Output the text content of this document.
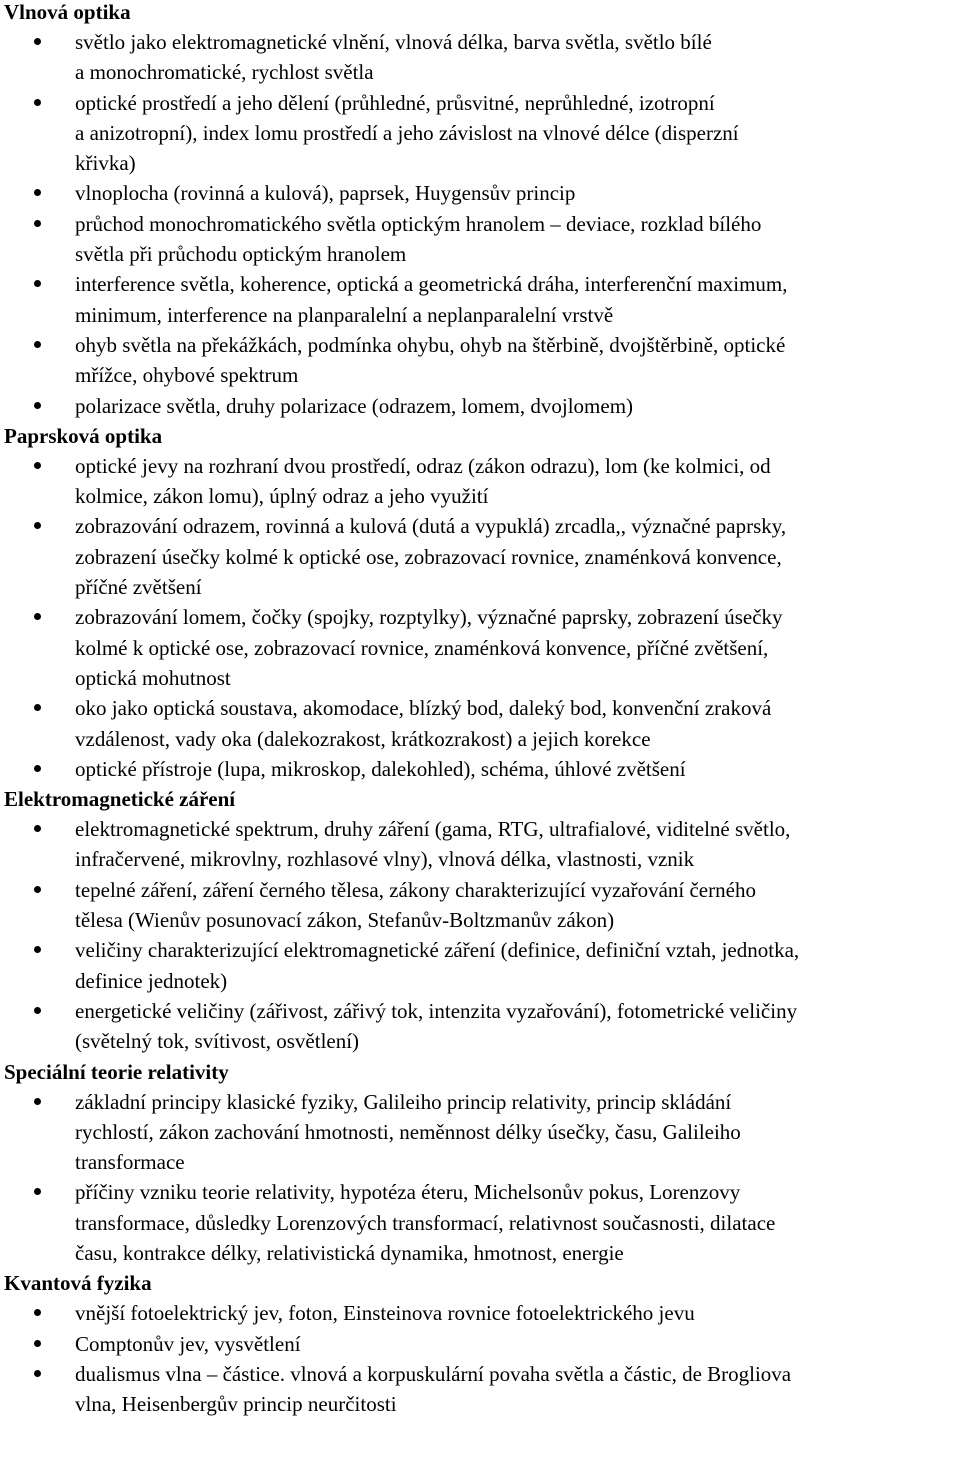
Vlnová optika
světlo jako elektromagnetické vlnění, vlnová délka, barva světla, světlo bílé
a monochromatické, rychlost světla
optické prostředí a jeho dělení (průhledné, průsvitné, neprůhledné, izotropní
a anizotropní), index lomu prostředí a jeho závislost na vlnové délce (disperzní
křivka)
vlnoplocha (rovinná a kulová), paprsek, Huygensův princip
průchod monochromatického světla optickým hranolem – deviace, rozklad bílého
světla při průchodu optickým hranolem
interference světla, koherence, optická a geometrická dráha, interferenční maximum,
minimum, interference na planparalelní a neplanparalelní vrstvě
ohyb světla na překážkách, podmínka ohybu, ohyb na štěrbině, dvojštěrbině, optické
mřížce, ohybové spektrum
polarizace světla, druhy polarizace (odrazem, lomem, dvojlomem)
Paprsková optika
optické jevy na rozhraní dvou prostředí, odraz (zákon odrazu), lom (ke kolmici, od
kolmice, zákon lomu), úplný odraz a jeho využití
zobrazování odrazem, rovinná a kulová (dutá a vypuklá) zrcadla,, význačné paprsky,
zobrazení úsečky kolmé k optické ose, zobrazovací rovnice, znaménková konvence,
příčné zvětšení
zobrazování lomem, čočky (spojky, rozptylky), význačné paprsky, zobrazení úsečky
kolmé k optické ose, zobrazovací rovnice, znaménková konvence, příčné zvětšení,
optická mohutnost
oko jako optická soustava, akomodace, blízký bod, daleký bod, konvenční zraková
vzdálenost, vady oka (dalekozrakost, krátkozrakost) a jejich korekce
optické přístroje (lupa, mikroskop, dalekohled), schéma, úhlové zvětšení
Elektromagnetické záření
elektromagnetické spektrum, druhy záření (gama, RTG, ultrafialové, viditelné světlo,
infračervené, mikrovlny, rozhlasové vlny), vlnová délka, vlastnosti, vznik
tepelné záření, záření černého tělesa, zákony charakterizující vyzařování černého
tělesa (Wienův posunovací zákon, Stefanův-Boltzmanův zákon)
veličiny charakterizující elektromagnetické záření (definice, definiční vztah, jednotka,
definice jednotek)
energetické veličiny (zářivost, zářivý tok, intenzita vyzařování), fotometrické veličiny
(světelný tok, svítivost, osvětlení)
Speciální teorie relativity
základní principy klasické fyziky, Galileiho princip relativity, princip skládání
rychlostí, zákon zachování hmotnosti, neměnnost délky úsečky, času, Galileiho
transformace
příčiny vzniku teorie relativity, hypotéza éteru, Michelsonův pokus, Lorenzovy
transformace, důsledky Lorenzových transformací, relativnost současnosti, dilatace
času, kontrakce délky, relativistická dynamika, hmotnost, energie
Kvantová fyzika
vnější fotoelektrický jev, foton, Einsteinova rovnice fotoelektrického jevu
Comptonův jev, vysvětlení
dualismus vlna – částice. vlnová a korpuskulární povaha světla a částic, de Brogliova
vlna, Heisenbergův princip neurčitosti
